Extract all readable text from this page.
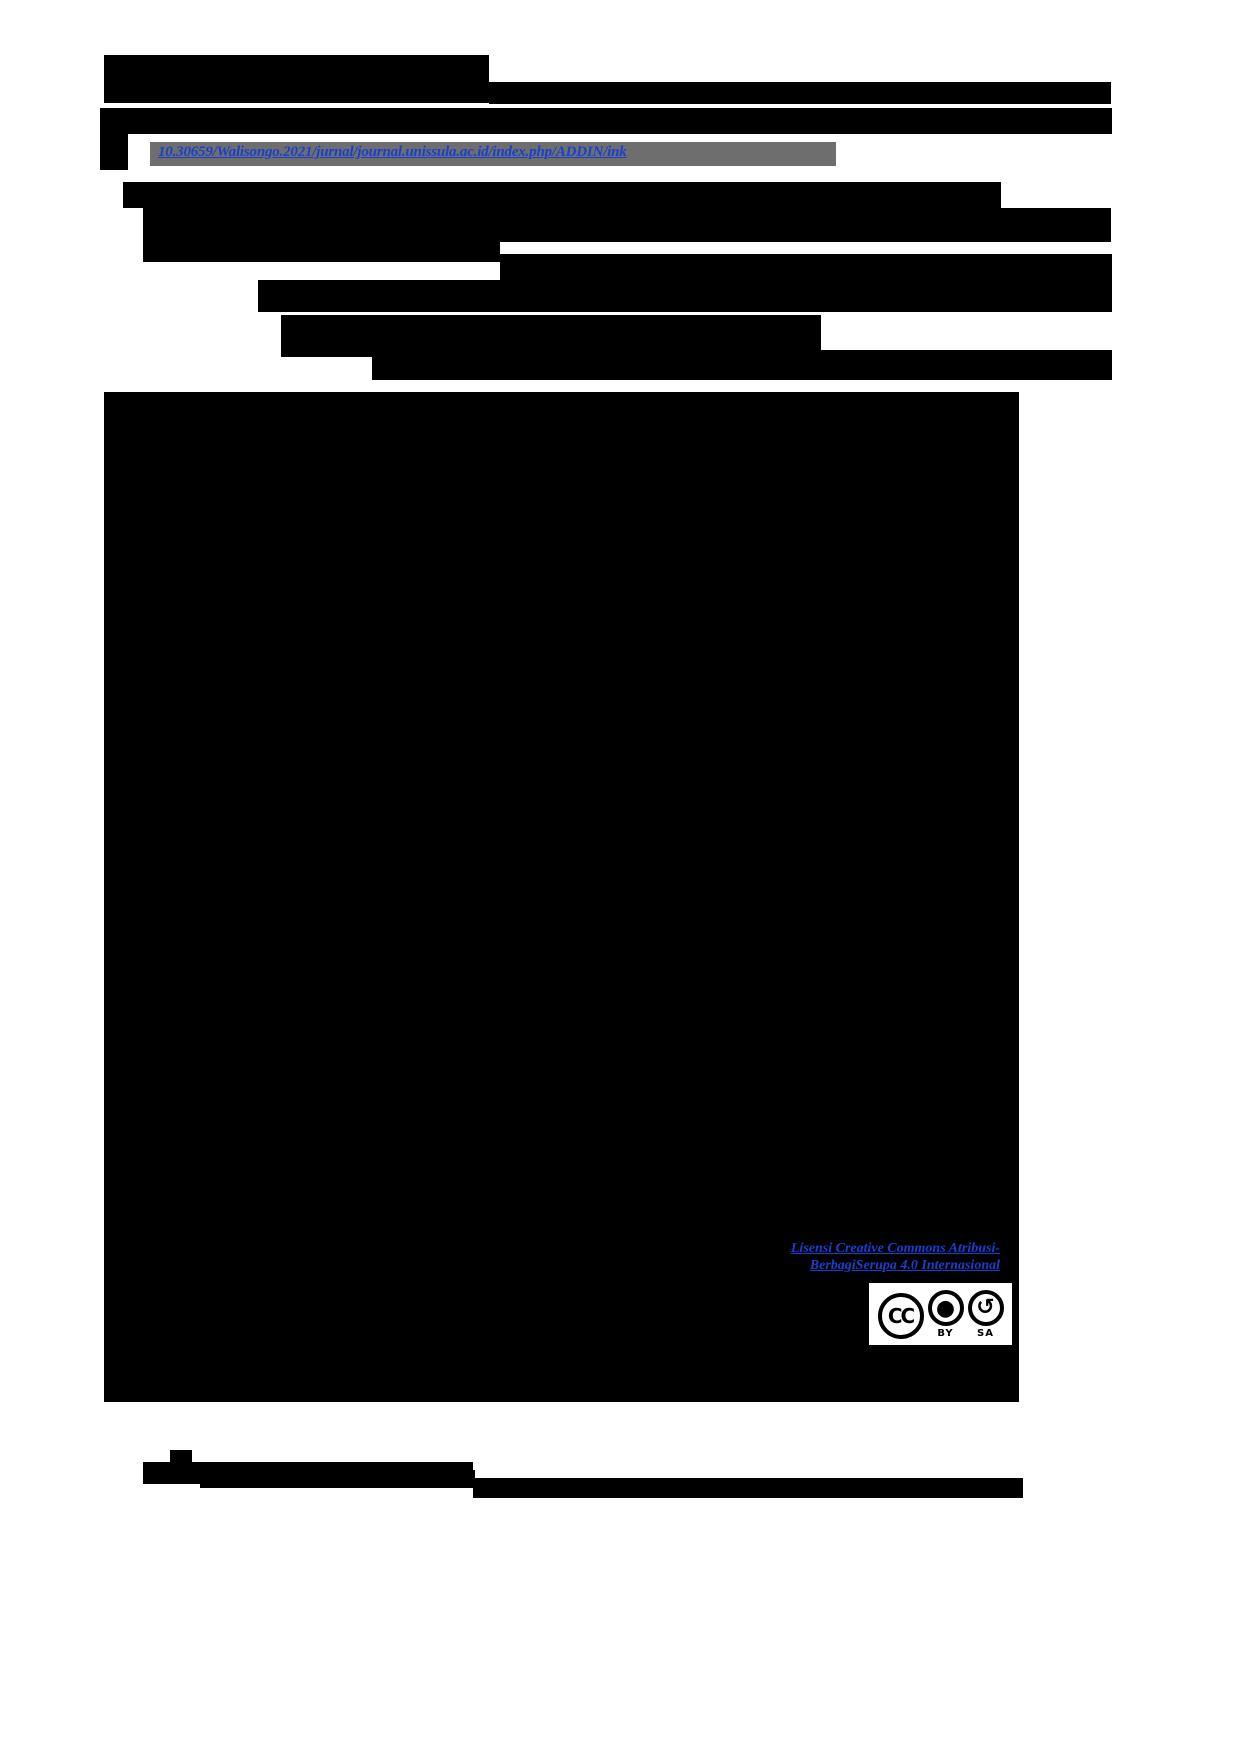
10.30659/Walisongo.2021/jurnal/journal.unissula.ac.id/index.php/ADDIN/ink
Lisensi Creative Commons Atribusi-
BerbagiSerupa 4.0 Internasional
CC ●
BY
↺
SA
